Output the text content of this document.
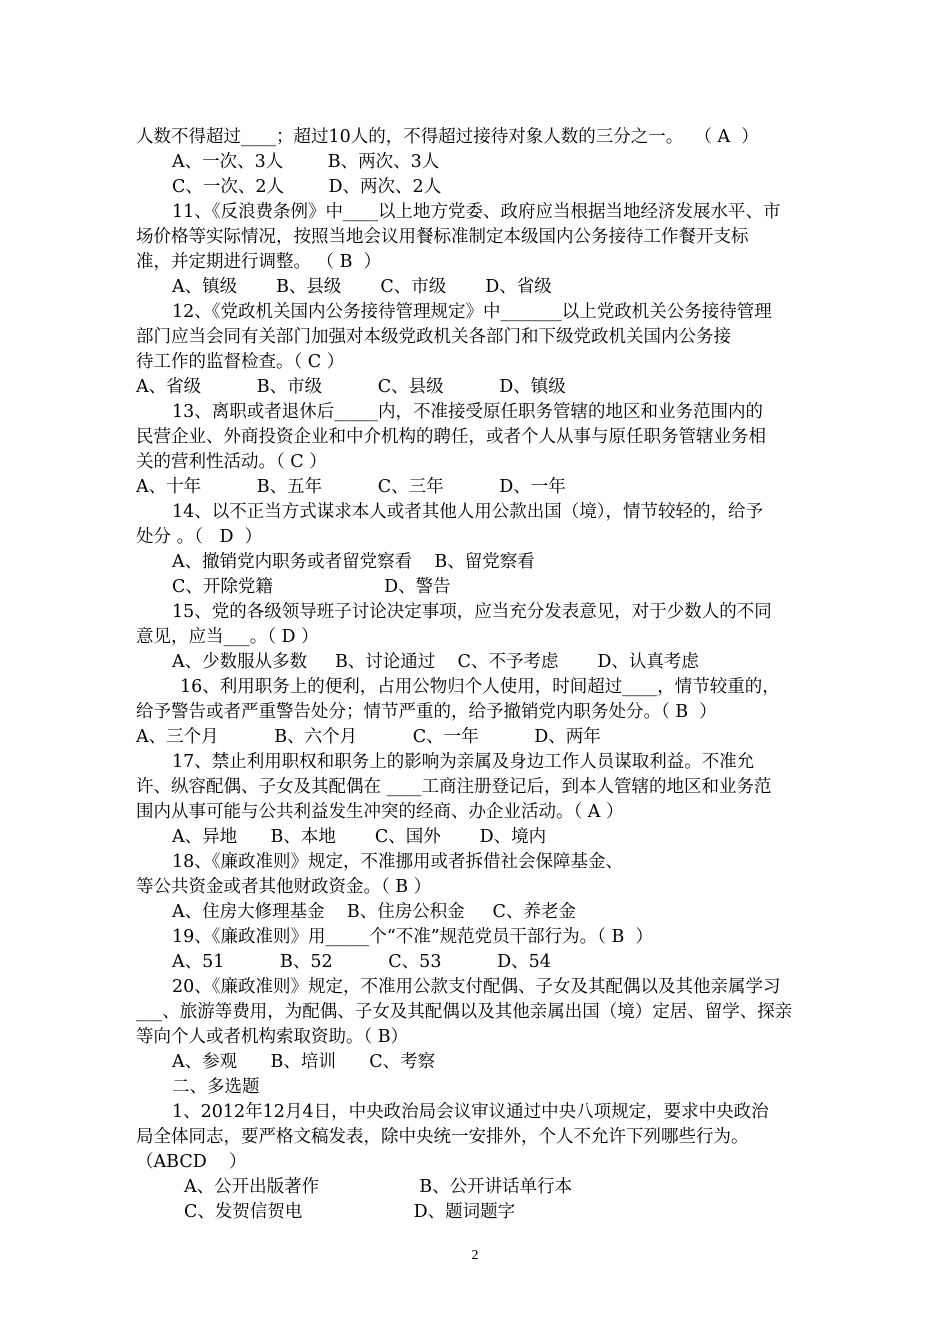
人数不得超过____；超过10人的，不得超过接待对象人数的三分之一。  （ A  ）
A、一次、3人        B、两次、3人
C、一次、2人        D、两次、2人
11、《反浪费条例》中____以上地方党委、政府应当根据当地经济发展水平、市
场价格等实际情况，按照当地会议用餐标准制定本级国内公务接待工作餐开支标
准，并定期进行调整。 （ B  ）
A、镇级       B、县级       C、市级       D、省级
12、《党政机关国内公务接待管理规定》中_______以上党政机关公务接待管理
部门应当会同有关部门加强对本级党政机关各部门和下级党政机关国内公务接
待工作的监督检查。（ C ）
A、省级          B、市级          C、县级          D、镇级
13、离职或者退休后_____内，不准接受原任职务管辖的地区和业务范围内的
民营企业、外商投资企业和中介机构的聘任，或者个人从事与原任职务管辖业务相
关的营利性活动。（ C ）
A、十年          B、五年          C、三年          D、一年
14、以不正当方式谋求本人或者其他人用公款出国（境），情节较轻的，给予
处分 。（   D  ）
A、撤销党内职务或者留党察看    B、留党察看
C、开除党籍                    D、警告
15、党的各级领导班子讨论决定事项，应当充分发表意见，对于少数人的不同
意见，应当___。（ D ）
A、少数服从多数     B、讨论通过    C、不予考虑       D、认真考虑
16、利用职务上的便利，占用公物归个人使用，时间超过____，情节较重的，
给予警告或者严重警告处分；情节严重的，给予撤销党内职务处分。（ B  ）
A、三个月          B、六个月          C、一年          D、两年
17、禁止利用职权和职务上的影响为亲属及身边工作人员谋取利益。不准允
许、纵容配偶、子女及其配偶在 ____工商注册登记后，到本人管辖的地区和业务范
围内从事可能与公共利益发生冲突的经商、办企业活动。（ A ）
A、异地      B、本地       C、国外       D、境内
18、《廉政准则》规定，不准挪用或者拆借社会保障基金、
等公共资金或者其他财政资金。（ B ）
A、住房大修理基金    B、住房公积金     C、养老金
19、《廉政准则》用_____个“不准”规范党员干部行为。（ B  ）
A、51          B、52          C、53          D、54
20、《廉政准则》规定，不准用公款支付配偶、子女及其配偶以及其他亲属学习
___、旅游等费用，为配偶、子女及其配偶以及其他亲属出国（境）定居、留学、探亲
等向个人或者机构索取资助。（ B）
A、参观      B、培训      C、考察
二、多选题
1、2012年12月4日，中央政治局会议审议通过中央八项规定，要求中央政治
局全体同志，要严格文稿发表，除中央统一安排外，个人不允许下列哪些行为。
（ABCD    ）
A、公开出版著作                  B、公开讲话单行本
C、发贺信贺电                    D、题词题字
2
